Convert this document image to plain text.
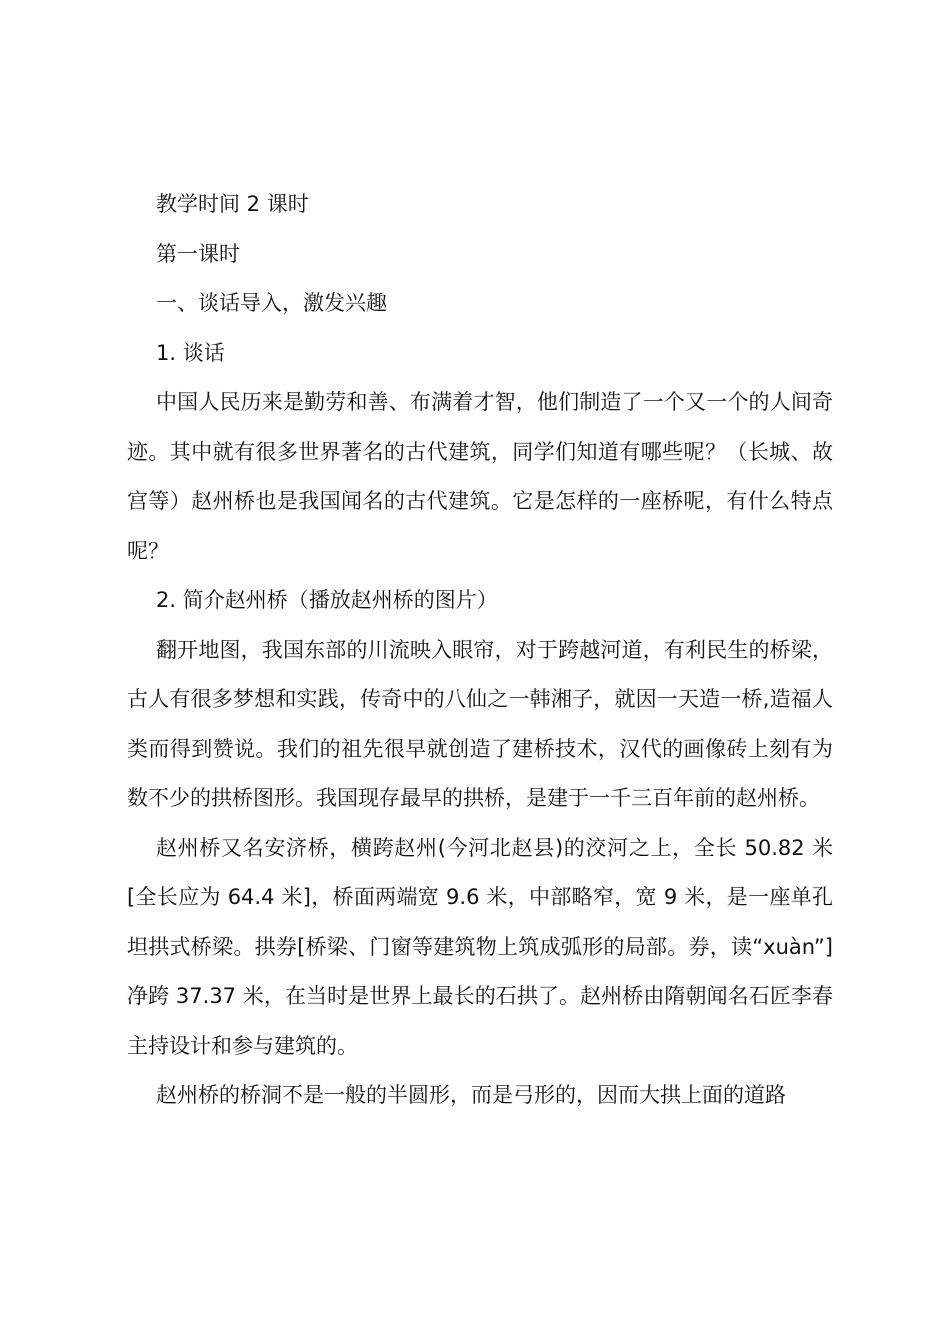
教学时间 2 课时

第一课时

一、谈话导入，激发兴趣

1. 谈话

中国人民历来是勤劳和善、布满着才智，他们制造了一个又一个的人间奇迹。其中就有很多世界著名的古代建筑，同学们知道有哪些呢？（长城、故宫等）赵州桥也是我国闻名的古代建筑。它是怎样的一座桥呢，有什么特点呢？

2. 简介赵州桥（播放赵州桥的图片）

翻开地图，我国东部的川流映入眼帘，对于跨越河道，有利民生的桥梁，古人有很多梦想和实践，传奇中的八仙之一韩湘子，就因一天造一桥,造福人类而得到赞说。我们的祖先很早就创造了建桥技术，汉代的画像砖上刻有为数不少的拱桥图形。我国现存最早的拱桥，是建于一千三百年前的赵州桥。

赵州桥又名安济桥，横跨赵州(今河北赵县)的洨河之上，全长 50.82 米[全长应为 64.4 米]，桥面两端宽 9.6 米，中部略窄，宽 9 米，是一座单孔坦拱式桥梁。拱券[桥梁、门窗等建筑物上筑成弧形的局部。券，读“xuàn”]净跨 37.37 米，在当时是世界上最长的石拱了。赵州桥由隋朝闻名石匠李春主持设计和参与建筑的。

赵州桥的桥洞不是一般的半圆形，而是弓形的，因而大拱上面的道路
